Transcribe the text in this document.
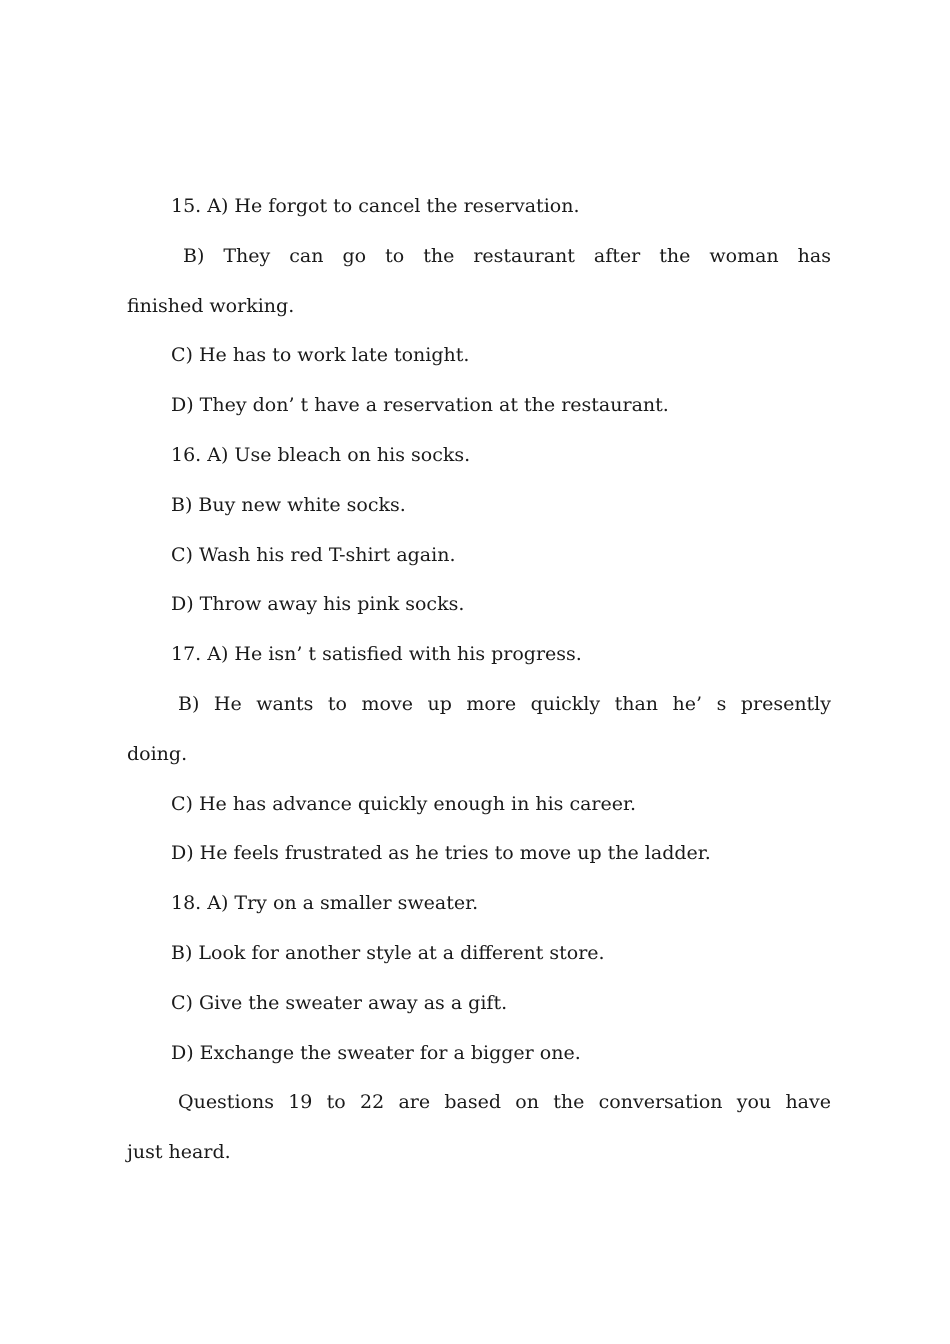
15. A) He forgot to cancel the reservation.
B) They can go to the restaurant after the woman has
finished working.
C) He has to work late tonight.
D) They don’ t have a reservation at the restaurant.
16. A) Use bleach on his socks.
B) Buy new white socks.
C) Wash his red T-shirt again.
D) Throw away his pink socks.
17. A) He isn’ t satisfied with his progress.
B) He wants to move up more quickly than he’ s presently
doing.
C) He has advance quickly enough in his career.
D) He feels frustrated as he tries to move up the ladder.
18. A) Try on a smaller sweater.
B) Look for another style at a different store.
C) Give the sweater away as a gift.
D) Exchange the sweater for a bigger one.
Questions 19 to 22 are based on the conversation you have
just heard.
